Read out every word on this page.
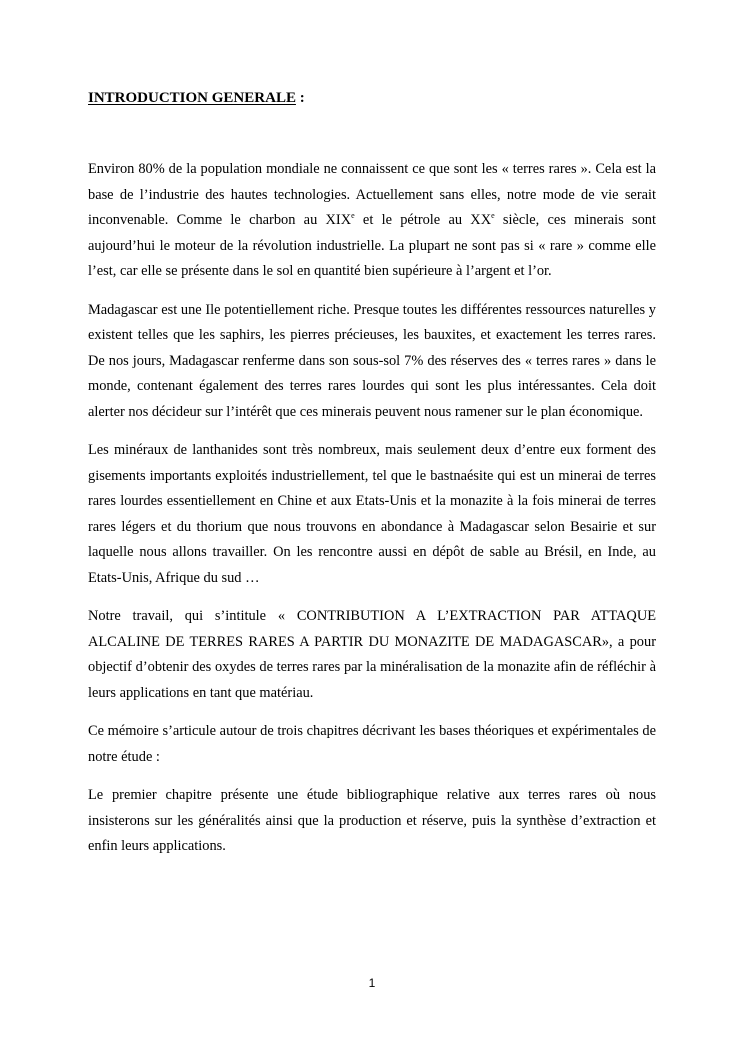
INTRODUCTION GENERALE :

Environ 80% de la population mondiale ne connaissent ce que sont les « terres rares ». Cela est la base de l’industrie des hautes technologies. Actuellement sans elles, notre mode de vie serait inconvenable. Comme le charbon au XIXe et le pétrole au XXe siècle, ces minerais sont aujourd’hui le moteur de la révolution industrielle. La plupart ne sont pas si « rare » comme elle l’est, car elle se présente dans le sol en quantité bien supérieure à l’argent et l’or.

Madagascar est une Ile potentiellement riche. Presque toutes les différentes ressources naturelles y existent telles que les saphirs, les pierres précieuses, les bauxites, et exactement les terres rares. De nos jours, Madagascar renferme dans son sous-sol 7% des réserves des « terres rares » dans le monde, contenant également des terres rares lourdes qui sont les plus intéressantes. Cela doit alerter nos décideur sur l’intérêt que ces minerais peuvent nous ramener sur le plan économique.

Les minéraux de lanthanides sont très nombreux, mais seulement deux d’entre eux forment des gisements importants exploités industriellement, tel que le bastnaésite qui est un minerai de terres rares lourdes essentiellement en Chine et aux Etats-Unis et la monazite à la fois minerai de terres rares légers et du thorium que nous trouvons en abondance à Madagascar selon Besairie et sur laquelle nous allons travailler. On les rencontre aussi en dépôt de sable au Brésil, en Inde, au Etats-Unis, Afrique du sud …

Notre travail, qui s’intitule « CONTRIBUTION A L’EXTRACTION PAR ATTAQUE ALCALINE DE TERRES RARES A PARTIR DU MONAZITE DE MADAGASCAR», a pour objectif d’obtenir des oxydes de terres rares par la minéralisation de la monazite afin de réfléchir à leurs applications en tant que matériau.

Ce mémoire s’articule autour de trois chapitres décrivant les bases théoriques et expérimentales de notre étude :

Le premier chapitre présente une étude bibliographique relative aux terres rares où nous insisterons sur les généralités ainsi que la production et réserve, puis la synthèse d’extraction et enfin leurs applications.

1
